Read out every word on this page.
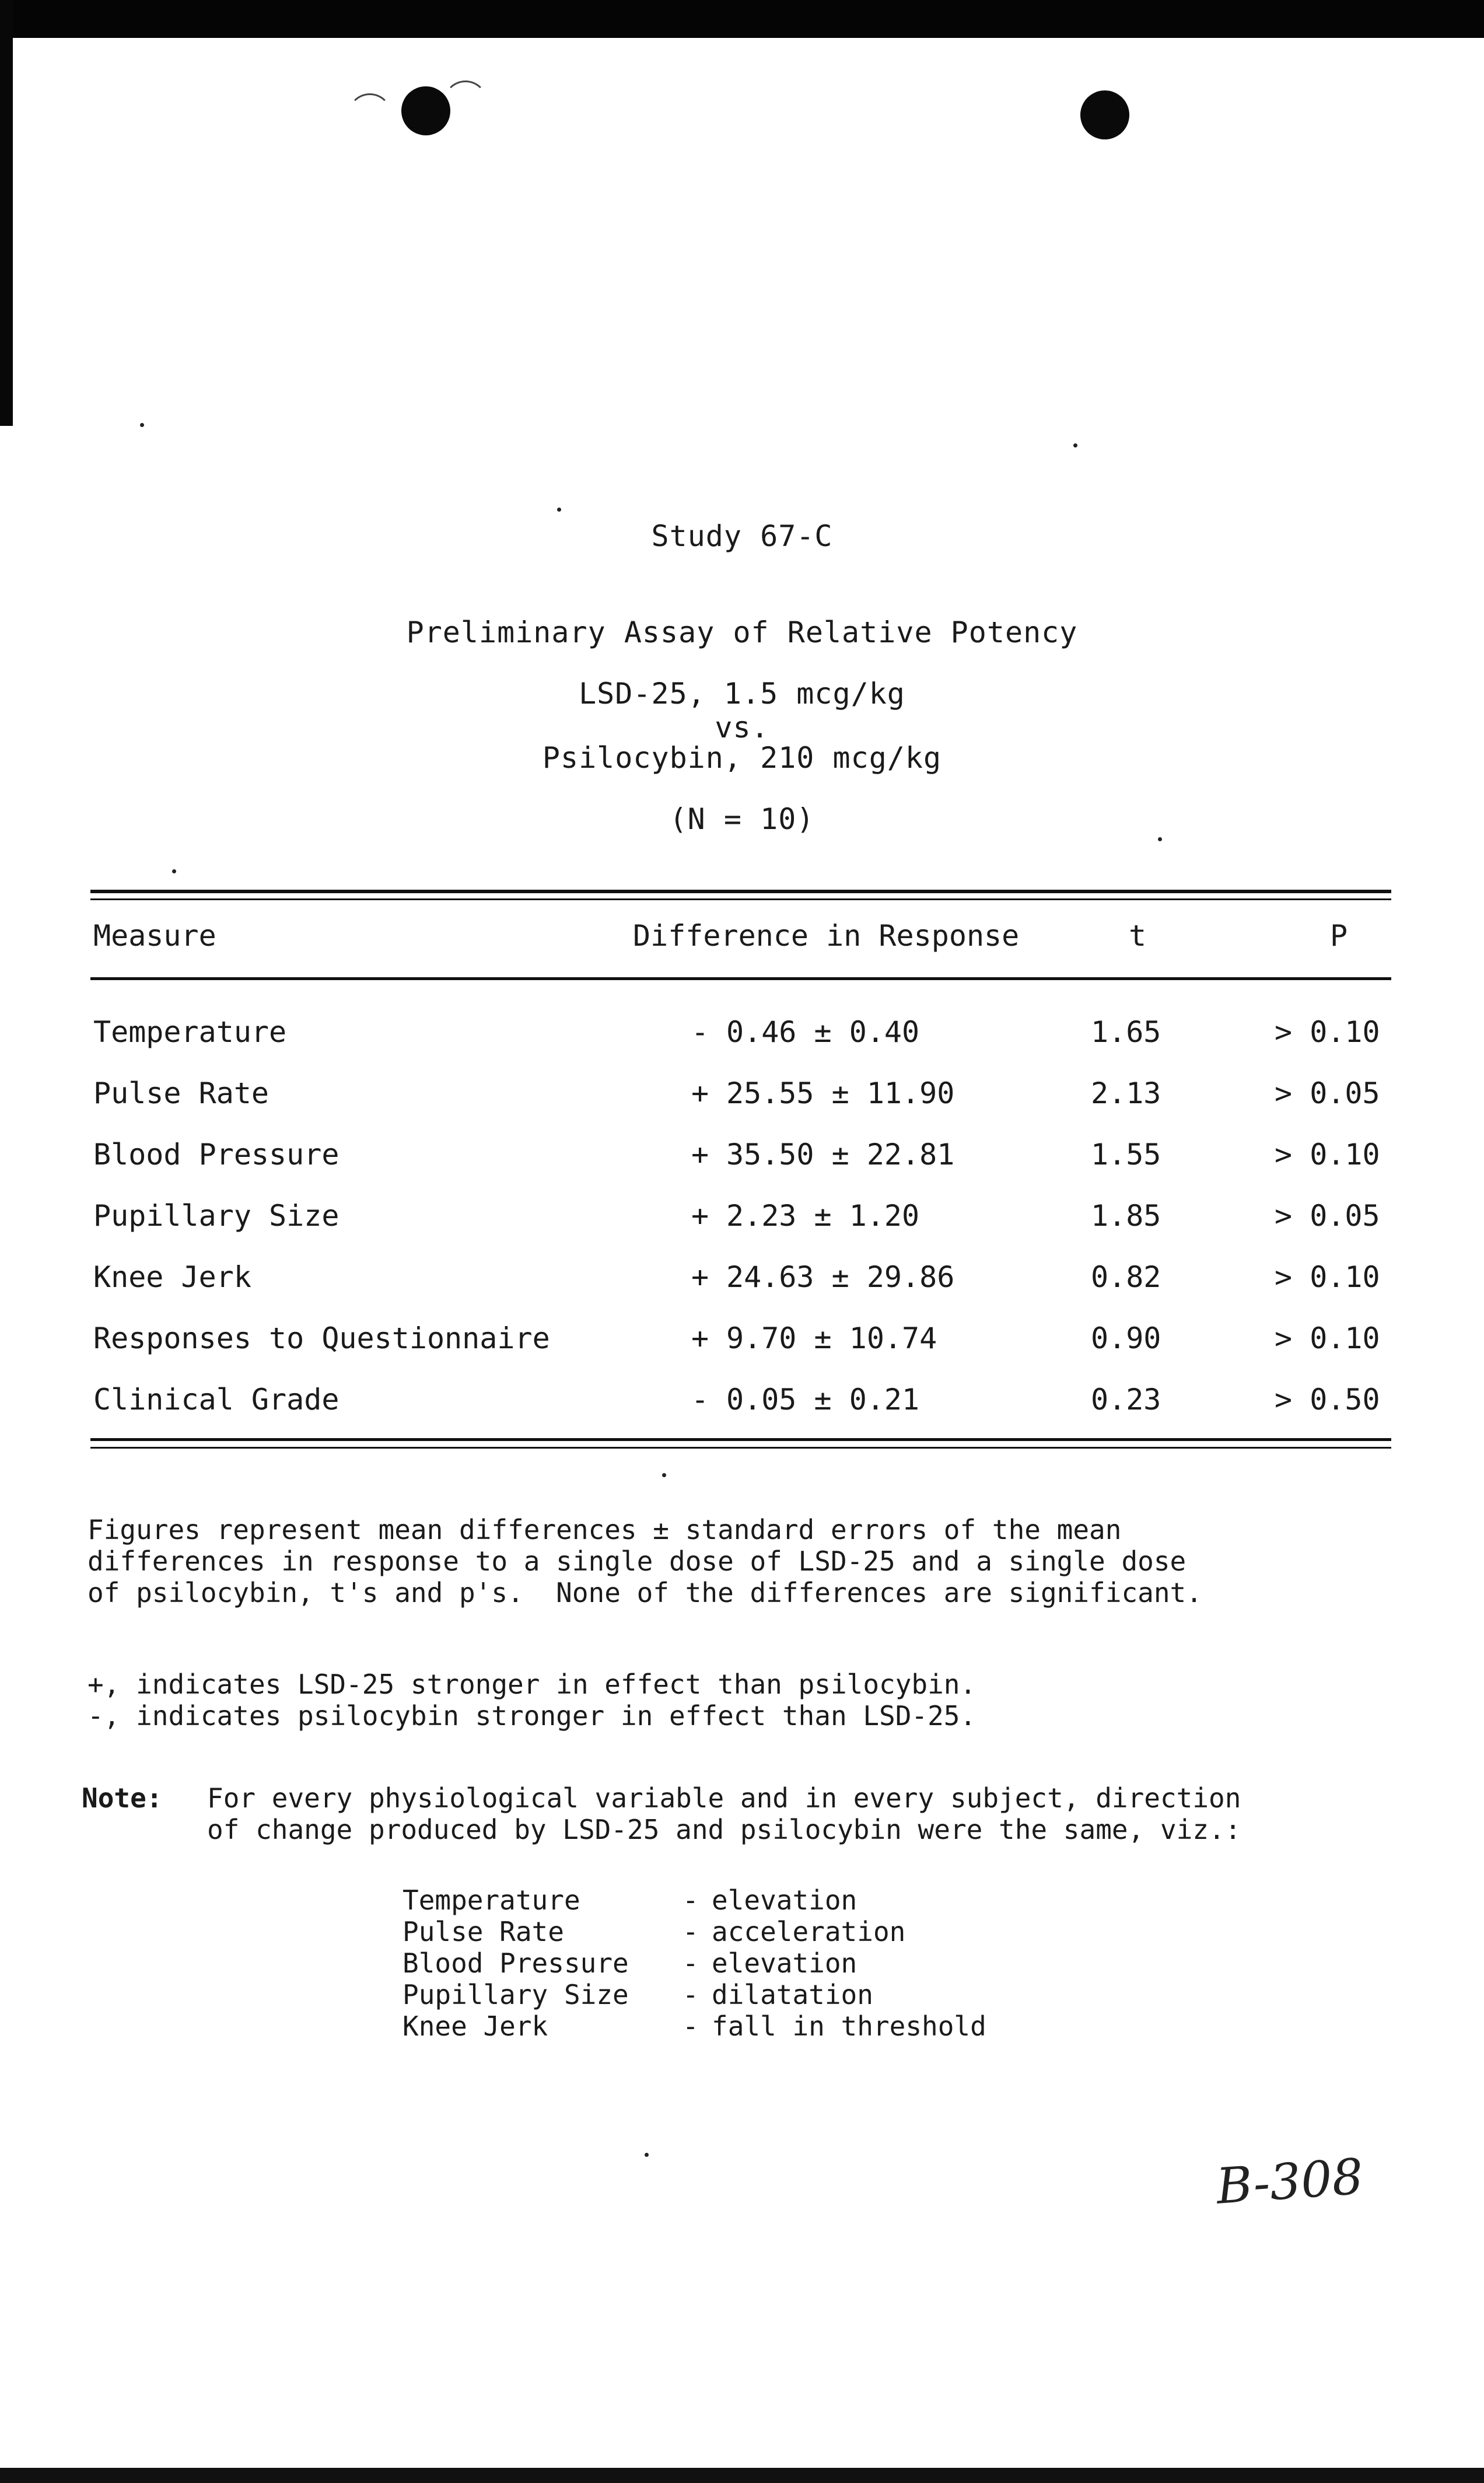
Study 67-C
Preliminary Assay of Relative Potency
LSD-25, 1.5 mcg/kg
vs.
Psilocybin, 210 mcg/kg
(N = 10)
Measure	Difference in Response	t	P
Temperature	- 0.46 ± 0.40	1.65	> 0.10
Pulse Rate	+ 25.55 ± 11.90	2.13	> 0.05
Blood Pressure	+ 35.50 ± 22.81	1.55	> 0.10
Pupillary Size	+ 2.23 ± 1.20	1.85	> 0.05
Knee Jerk	+ 24.63 ± 29.86	0.82	> 0.10
Responses to Questionnaire	+ 9.70 ± 10.74	0.90	> 0.10
Clinical Grade	- 0.05 ± 0.21	0.23	> 0.50
Figures represent mean differences ± standard errors of the mean
differences in response to a single dose of LSD-25 and a single dose
of psilocybin, t's and p's.  None of the differences are significant.
+, indicates LSD-25 stronger in effect than psilocybin.
-, indicates psilocybin stronger in effect than LSD-25.
Note: For every physiological variable and in every subject, direction
of change produced by LSD-25 and psilocybin were the same, viz.:
Temperature	- elevation
Pulse Rate	- acceleration
Blood Pressure	- elevation
Pupillary Size	- dilatation
Knee Jerk	- fall in threshold
B-308
